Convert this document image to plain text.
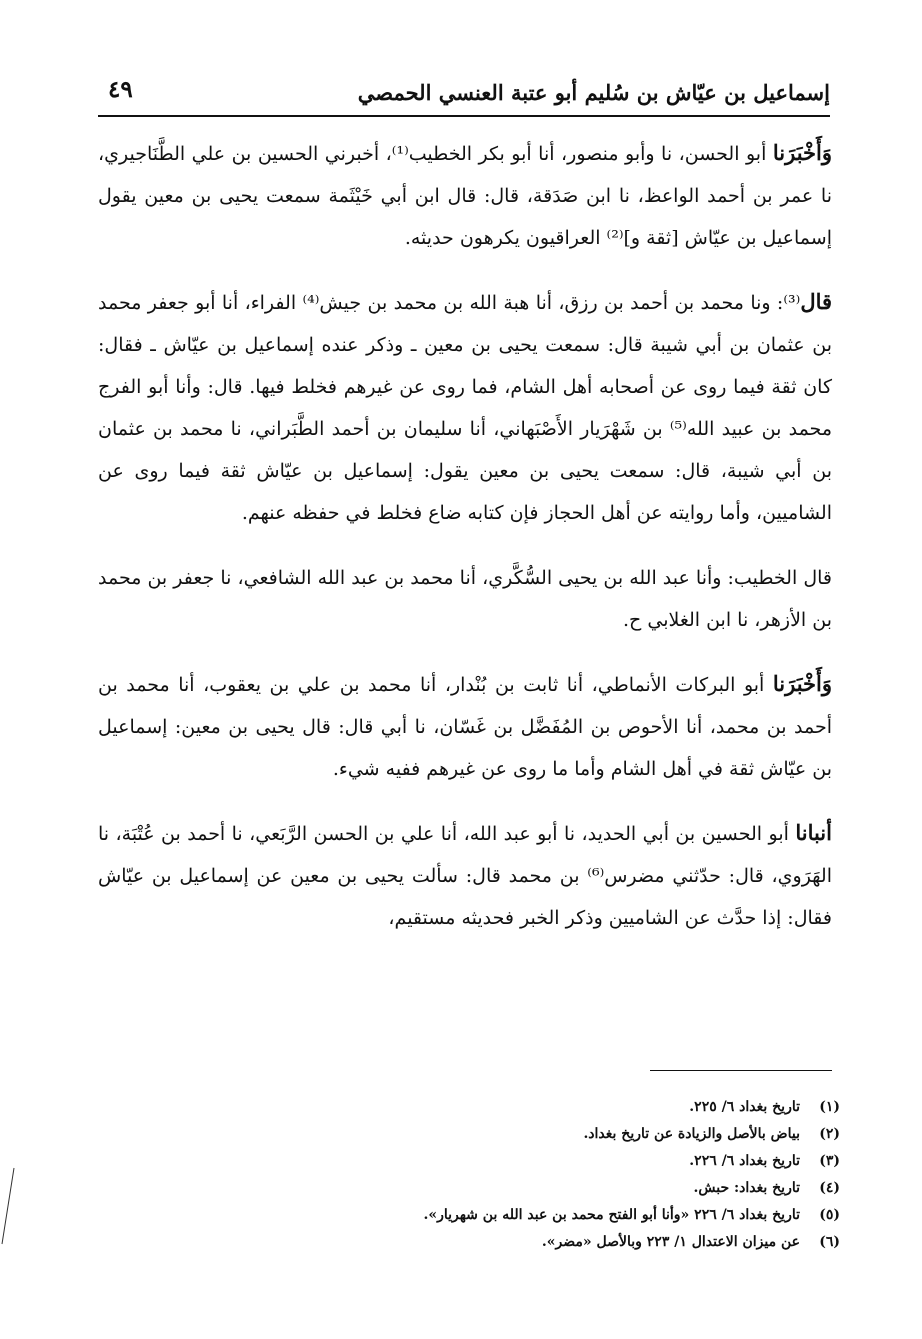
٤٩	إسماعيل بن عيّاش بن سُليم أبو عتبة العنسي الحمصي

وَأَخْبَرَنا أبو الحسن، نا وأبو منصور، أنا أبو بكر الخطيب⁽¹⁾، أخبرني الحسين بن علي الطَّنَاجيري، نا عمر بن أحمد الواعظ، نا ابن صَدَقة، قال: قال ابن أبي خَيْثَمة سمعت يحيى بن معين يقول إسماعيل بن عيّاش [ثقة و]⁽²⁾ العراقيون يكرهون حديثه.

قال⁽³⁾: ونا محمد بن أحمد بن رزق، أنا هبة الله بن محمد بن جيش⁽⁴⁾ الفراء، أنا أبو جعفر محمد بن عثمان بن أبي شيبة قال: سمعت يحيى بن معين ـ وذكر عنده إسماعيل بن عيّاش ـ فقال: كان ثقة فيما روى عن أصحابه أهل الشام، فما روى عن غيرهم فخلط فيها. قال: وأنا أبو الفرج محمد بن عبيد الله⁽⁵⁾ بن شَهْرَيار الأَصْبَهاني، أنا سليمان بن أحمد الطَّبَراني، نا محمد بن عثمان بن أبي شيبة، قال: سمعت يحيى بن معين يقول: إسماعيل بن عيّاش ثقة فيما روى عن الشاميين، وأما روايته عن أهل الحجاز فإن كتابه ضاع فخلط في حفظه عنهم.

قال الخطيب: وأنا عبد الله بن يحيى السُّكَّري، أنا محمد بن عبد الله الشافعي، نا جعفر بن محمد بن الأزهر، نا ابن الغلابي ح.

وَأَخْبَرَنا أبو البركات الأنماطي، أنا ثابت بن بُنْدار، أنا محمد بن علي بن يعقوب، أنا محمد بن أحمد بن محمد، أنا الأحوص بن المُفَضَّل بن غَسّان، نا أبي قال: قال يحيى بن معين: إسماعيل بن عيّاش ثقة في أهل الشام وأما ما روى عن غيرهم ففيه شيء.

أنبانا أبو الحسين بن أبي الحديد، نا أبو عبد الله، أنا علي بن الحسن الرَّبَعي، نا أحمد بن عُتْبَة، نا الهَرَوي، قال: حدّثني مضرس⁽⁶⁾ بن محمد قال: سألت يحيى بن معين عن إسماعيل بن عيّاش فقال: إذا حدَّث عن الشاميين وذكر الخبر فحديثه مستقيم،

(١)
تاريخ بغداد ٦/ ٢٢٥.
(٢)
بياض بالأصل والزيادة عن تاريخ بغداد.
(٣)
تاريخ بغداد ٦/ ٢٢٦.
(٤)
تاريخ بغداد: حبش.
(٥)
تاريخ بغداد ٦/ ٢٢٦ «وأنا أبو الفتح محمد بن عبد الله بن شهريار».
(٦)
عن ميزان الاعتدال ١/ ٢٢٣ وبالأصل «مضر».
